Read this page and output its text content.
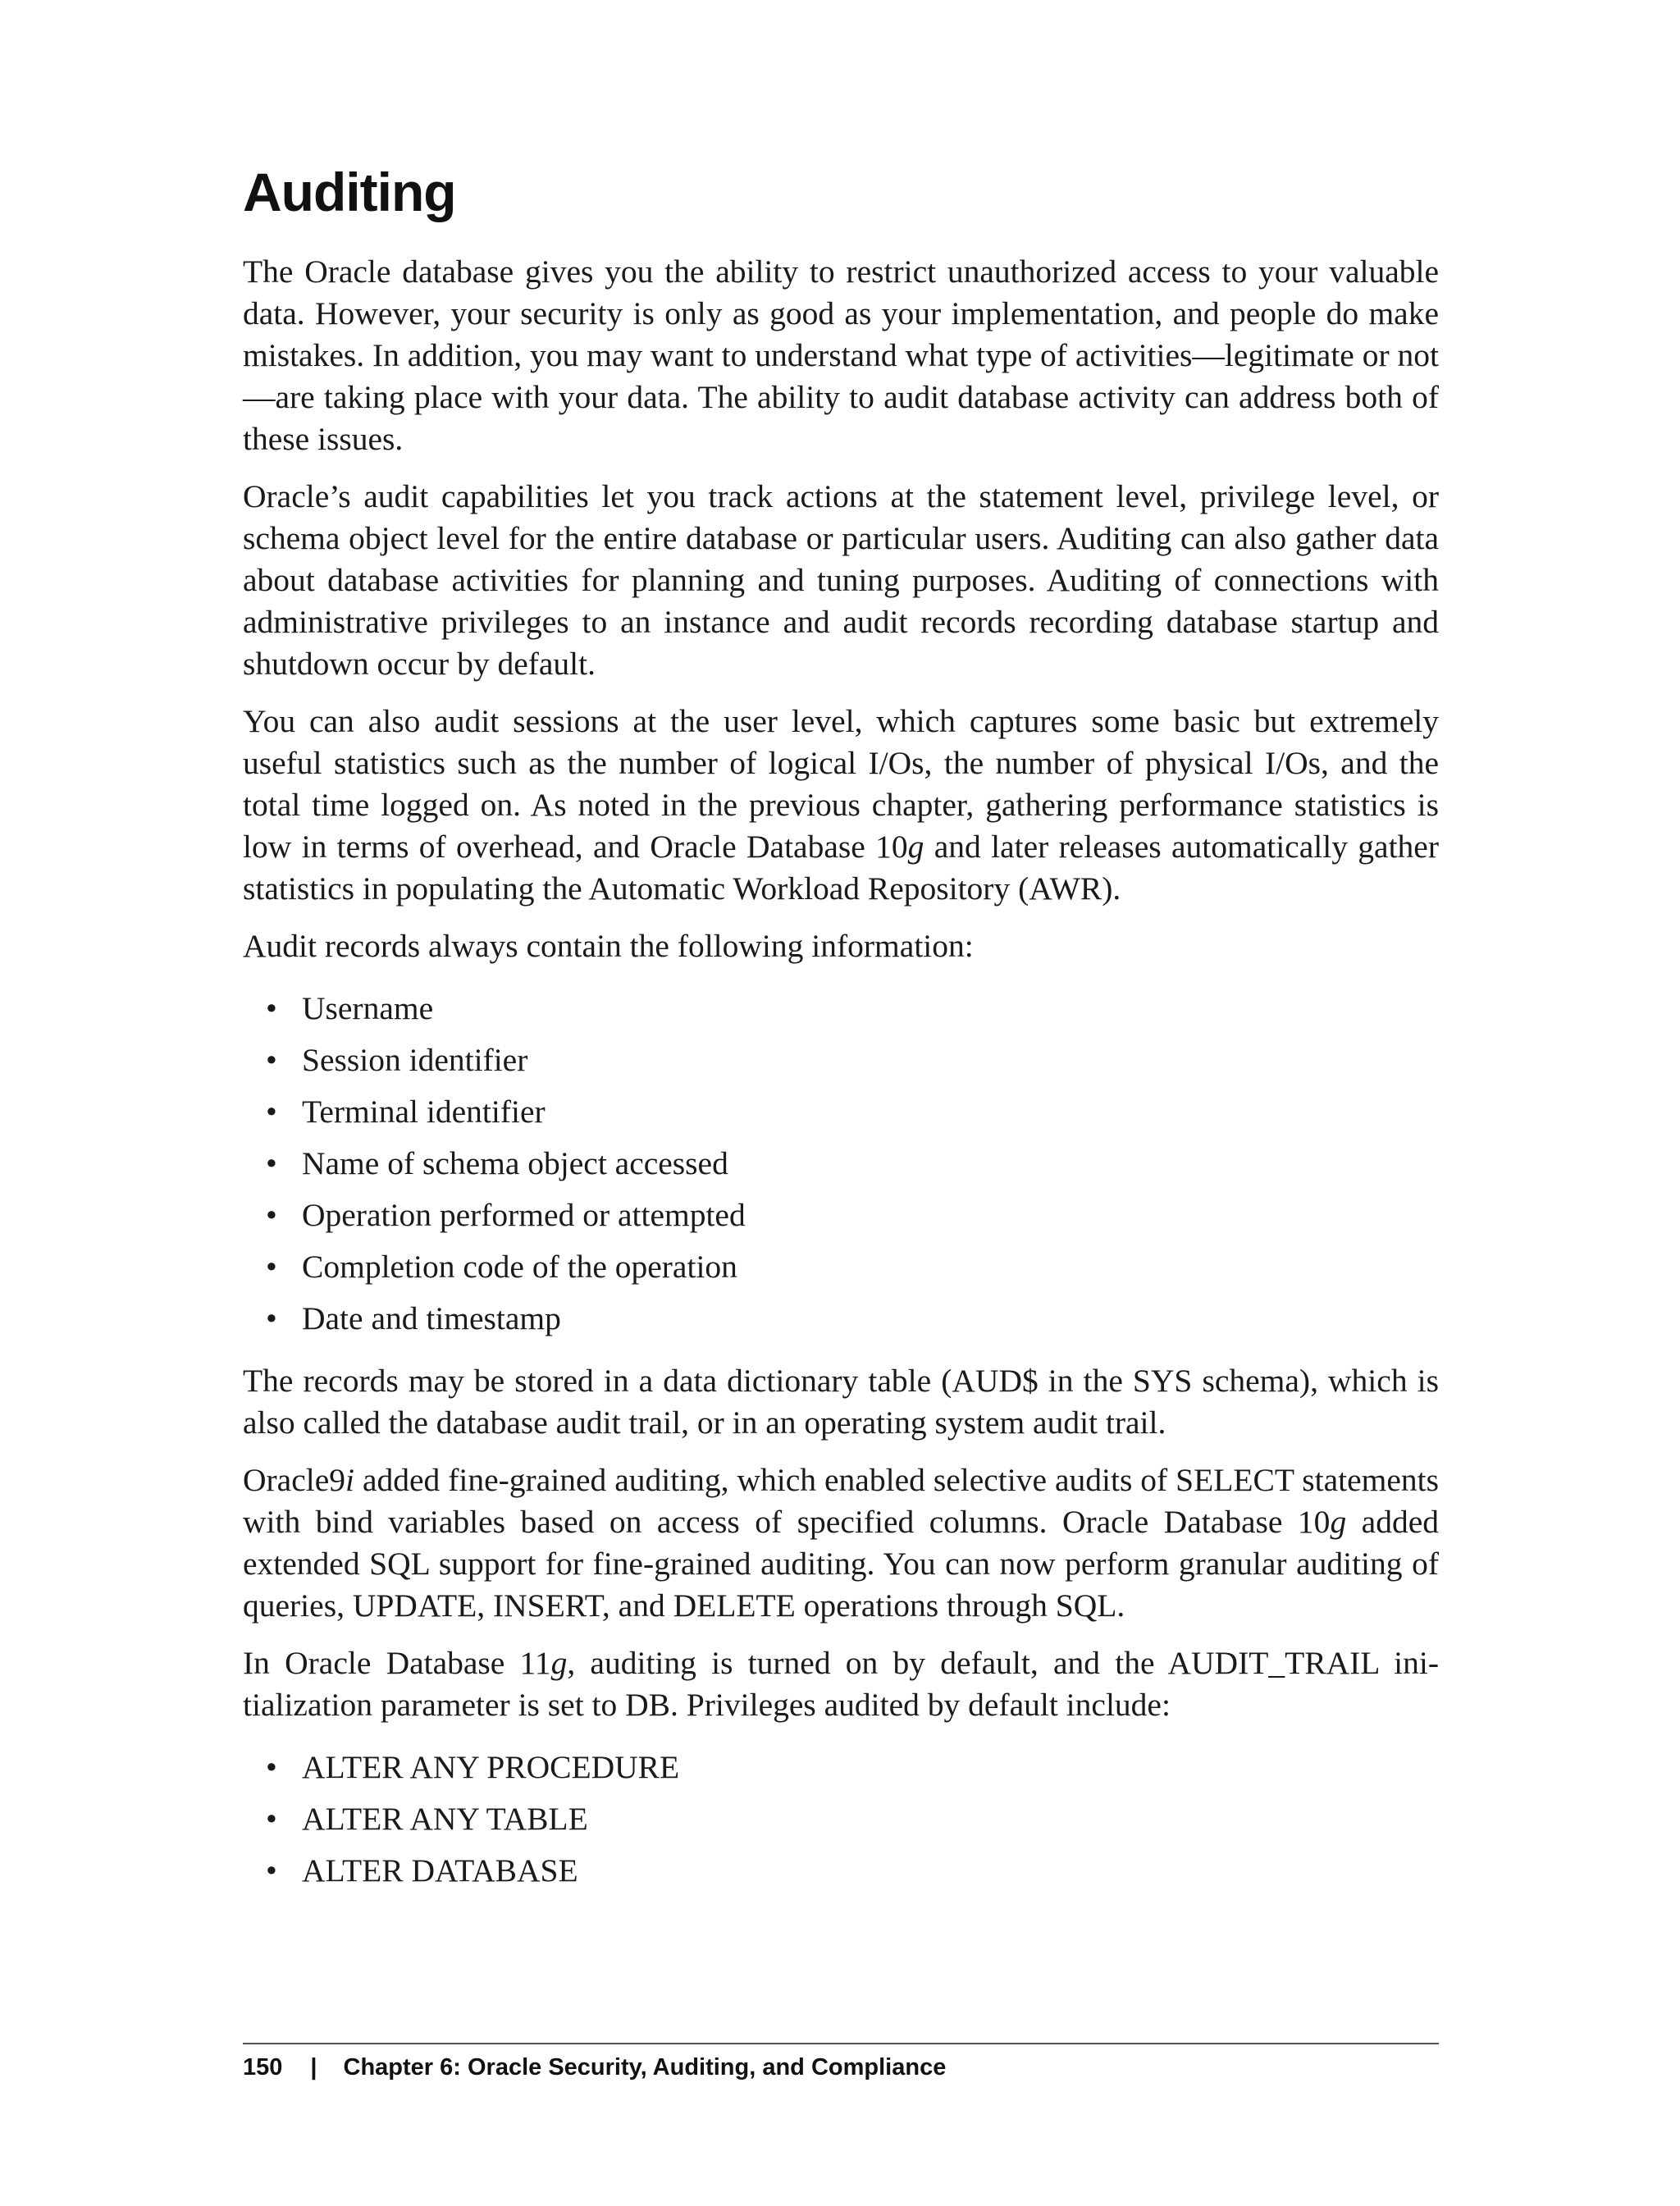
Auditing

The Oracle database gives you the ability to restrict unauthorized access to your valuable data. However, your security is only as good as your implementation, and people do make mistakes. In addition, you may want to understand what type of activities—legitimate or not—are taking place with your data. The ability to audit database activity can address both of these issues.

Oracle’s audit capabilities let you track actions at the statement level, privilege level, or schema object level for the entire database or particular users. Auditing can also gather data about database activities for planning and tuning purposes. Auditing of connections with administrative privileges to an instance and audit records recording database startup and shutdown occur by default.

You can also audit sessions at the user level, which captures some basic but extremely useful statistics such as the number of logical I/Os, the number of physical I/Os, and the total time logged on. As noted in the previous chapter, gathering performance statistics is low in terms of overhead, and Oracle Database 10g and later releases automatically gather statistics in populating the Automatic Workload Repository (AWR).

Audit records always contain the following information:

• Username
• Session identifier
• Terminal identifier
• Name of schema object accessed
• Operation performed or attempted
• Completion code of the operation
• Date and timestamp

The records may be stored in a data dictionary table (AUD$ in the SYS schema), which is also called the database audit trail, or in an operating system audit trail.

Oracle9i added fine-grained auditing, which enabled selective audits of SELECT statements with bind variables based on access of specified columns. Oracle Database 10g added extended SQL support for fine-grained auditing. You can now perform granular auditing of queries, UPDATE, INSERT, and DELETE operations through SQL.

In Oracle Database 11g, auditing is turned on by default, and the AUDIT_TRAIL initialization parameter is set to DB. Privileges audited by default include:

• ALTER ANY PROCEDURE
• ALTER ANY TABLE
• ALTER DATABASE
150 | Chapter 6: Oracle Security, Auditing, and Compliance
